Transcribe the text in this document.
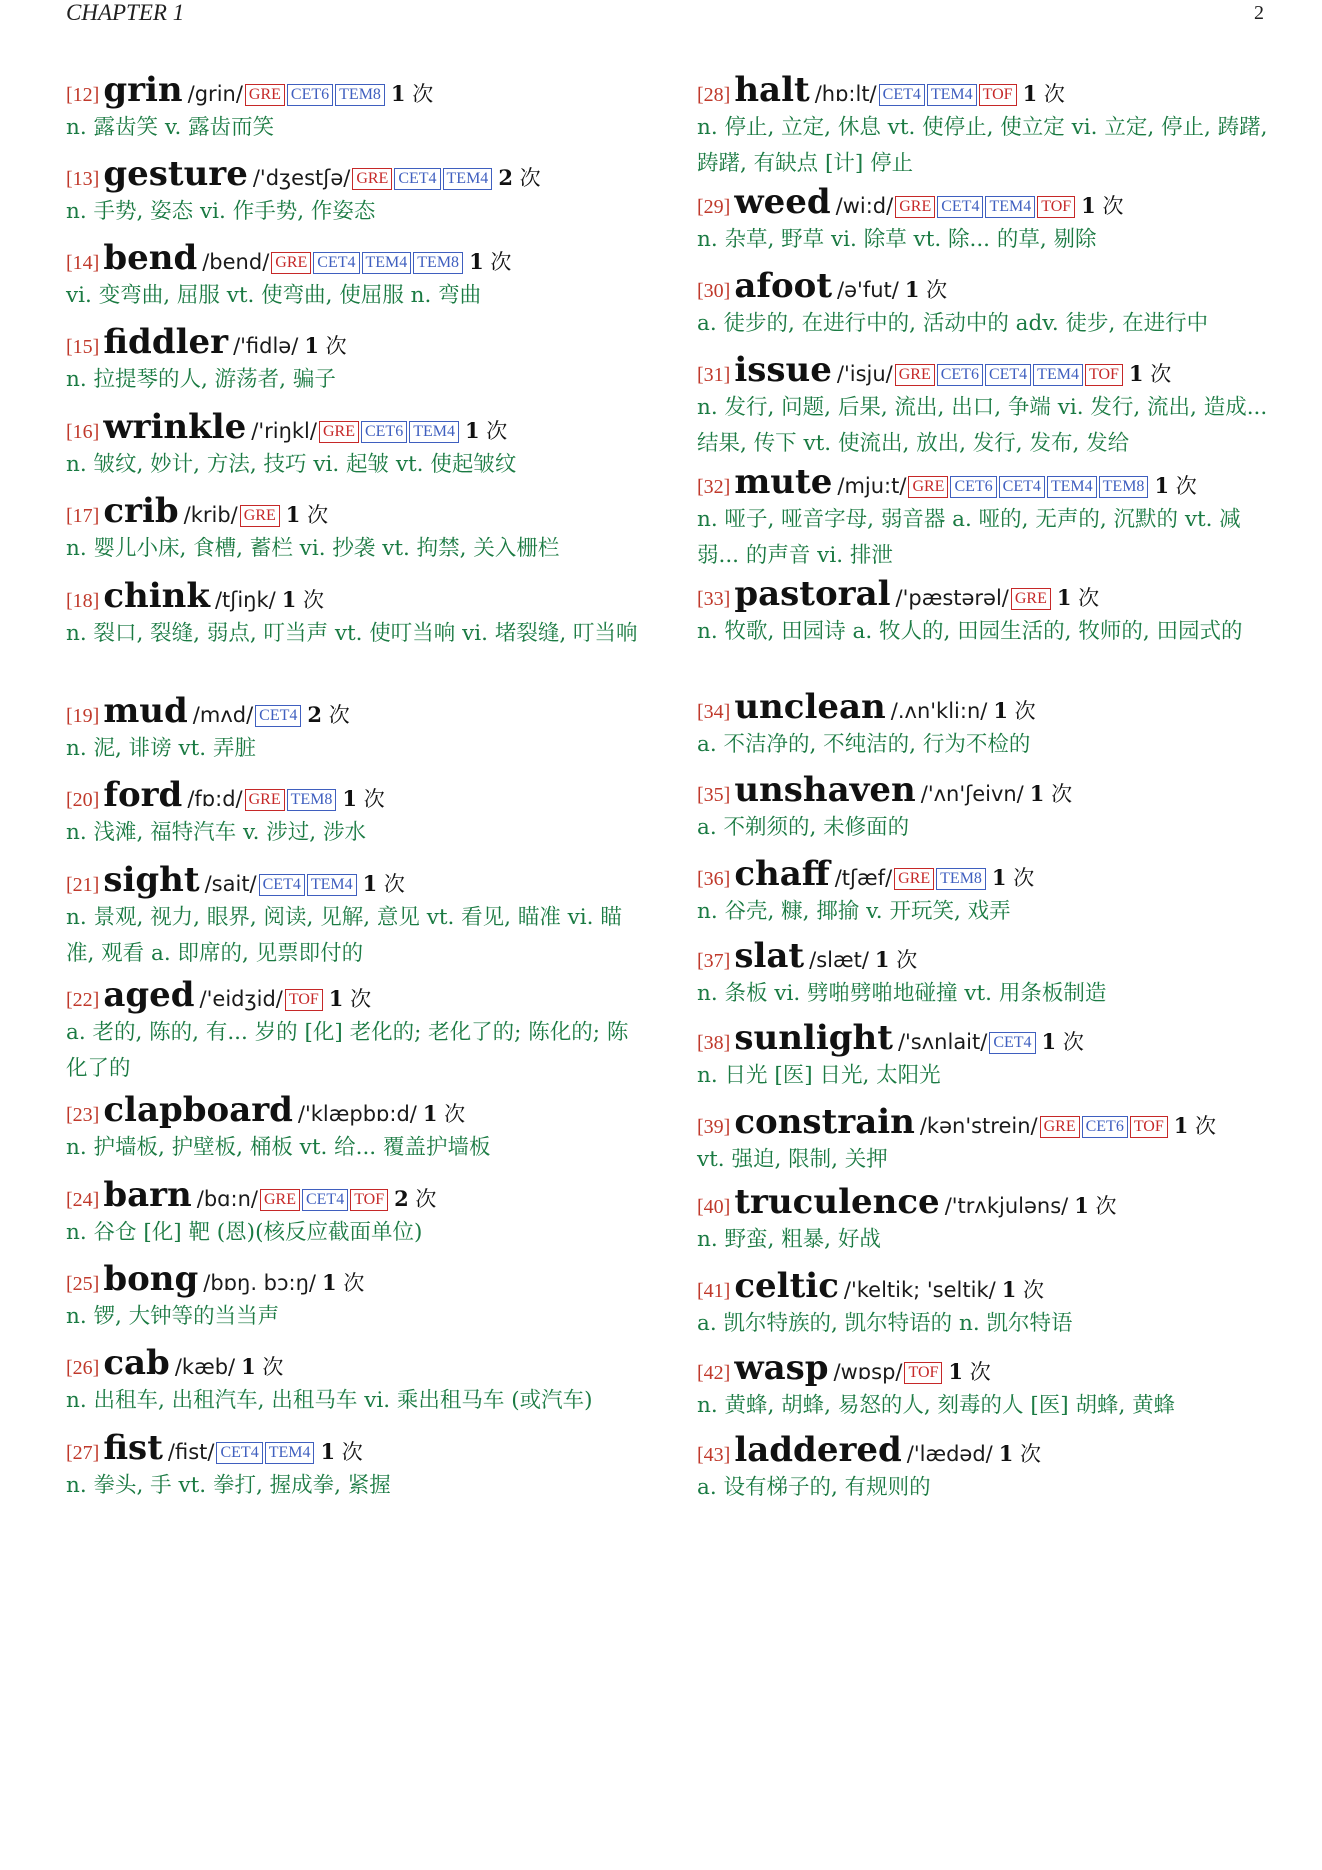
CHAPTER 1	2
[12] grin /grin/ GRE CET6 TEM8 1 次
n. 露齿笑 v. 露齿而笑
[13] gesture /'dʒestʃə/ GRE CET4 TEM4 2 次
n. 手势, 姿态 vi. 作手势, 作姿态
[14] bend /bend/ GRE CET4 TEM4 TEM8 1 次
vi. 变弯曲, 屈服 vt. 使弯曲, 使屈服 n. 弯曲
[15] fiddler /'fidlə/ 1 次
n. 拉提琴的人, 游荡者, 骗子
[16] wrinkle /'riŋkl/ GRE CET6 TEM4 1 次
n. 皱纹, 妙计, 方法, 技巧 vi. 起皱 vt. 使起皱纹
[17] crib /krib/ GRE 1 次
n. 婴儿小床, 食槽, 蓄栏 vi. 抄袭 vt. 拘禁, 关入栅栏
[18] chink /tʃiŋk/ 1 次
n. 裂口, 裂缝, 弱点, 叮当声 vt. 使叮当响 vi. 堵裂缝, 叮当响
[19] mud /mʌd/ CET4 2 次
n. 泥, 诽谤 vt. 弄脏
[20] ford /fɒ:d/ GRE TEM8 1 次
n. 浅滩, 福特汽车 v. 涉过, 涉水
[21] sight /sait/ CET4 TEM4 1 次
n. 景观, 视力, 眼界, 阅读, 见解, 意见 vt. 看见, 瞄准 vi. 瞄准, 观看 a. 即席的, 见票即付的
[22] aged /'eidʒid/ TOF 1 次
a. 老的, 陈的, 有... 岁的 [化] 老化的; 老化了的; 陈化的; 陈化了的
[23] clapboard /'klæpbɒ:d/ 1 次
n. 护墙板, 护壁板, 桶板 vt. 给... 覆盖护墙板
[24] barn /bɑ:n/ GRE CET4 TOF 2 次
n. 谷仓 [化] 靶 (恩)(核反应截面单位)
[25] bong /bɒŋ. bɔ:ŋ/ 1 次
n. 锣, 大钟等的当当声
[26] cab /kæb/ 1 次
n. 出租车, 出租汽车, 出租马车 vi. 乘出租马车 (或汽车)
[27] fist /fist/ CET4 TEM4 1 次
n. 拳头, 手 vt. 拳打, 握成拳, 紧握
[28] halt /hɒ:lt/ CET4 TEM4 TOF 1 次
n. 停止, 立定, 休息 vt. 使停止, 使立定 vi. 立定, 停止, 踌躇, 踌躇, 有缺点 [计] 停止
[29] weed /wi:d/ GRE CET4 TEM4 TOF 1 次
n. 杂草, 野草 vi. 除草 vt. 除... 的草, 剔除
[30] afoot /ə'fut/ 1 次
a. 徒步的, 在进行中的, 活动中的 adv. 徒步, 在进行中
[31] issue /'isju/ GRE CET6 CET4 TEM4 TOF 1 次
n. 发行, 问题, 后果, 流出, 出口, 争端 vi. 发行, 流出, 造成... 结果, 传下 vt. 使流出, 放出, 发行, 发布, 发给
[32] mute /mju:t/ GRE CET6 CET4 TEM4 TEM8 1 次
n. 哑子, 哑音字母, 弱音器 a. 哑的, 无声的, 沉默的 vt. 减弱... 的声音 vi. 排泄
[33] pastoral /'pæstərəl/ GRE 1 次
n. 牧歌, 田园诗 a. 牧人的, 田园生活的, 牧师的, 田园式的
[34] unclean /.ʌn'kli:n/ 1 次
a. 不洁净的, 不纯洁的, 行为不检的
[35] unshaven /'ʌn'ʃeivn/ 1 次
a. 不剃须的, 未修面的
[36] chaff /tʃæf/ GRE TEM8 1 次
n. 谷壳, 糠, 揶揄 v. 开玩笑, 戏弄
[37] slat /slæt/ 1 次
n. 条板 vi. 劈啪劈啪地碰撞 vt. 用条板制造
[38] sunlight /'sʌnlait/ CET4 1 次
n. 日光 [医] 日光, 太阳光
[39] constrain /kən'strein/ GRE CET6 TOF 1 次
vt. 强迫, 限制, 关押
[40] truculence /'trʌkjuləns/ 1 次
n. 野蛮, 粗暴, 好战
[41] celtic /'keltik; 'seltik/ 1 次
a. 凯尔特族的, 凯尔特语的 n. 凯尔特语
[42] wasp /wɒsp/ TOF 1 次
n. 黄蜂, 胡蜂, 易怒的人, 刻毒的人 [医] 胡蜂, 黄蜂
[43] laddered /'lædəd/ 1 次
a. 设有梯子的, 有规则的
